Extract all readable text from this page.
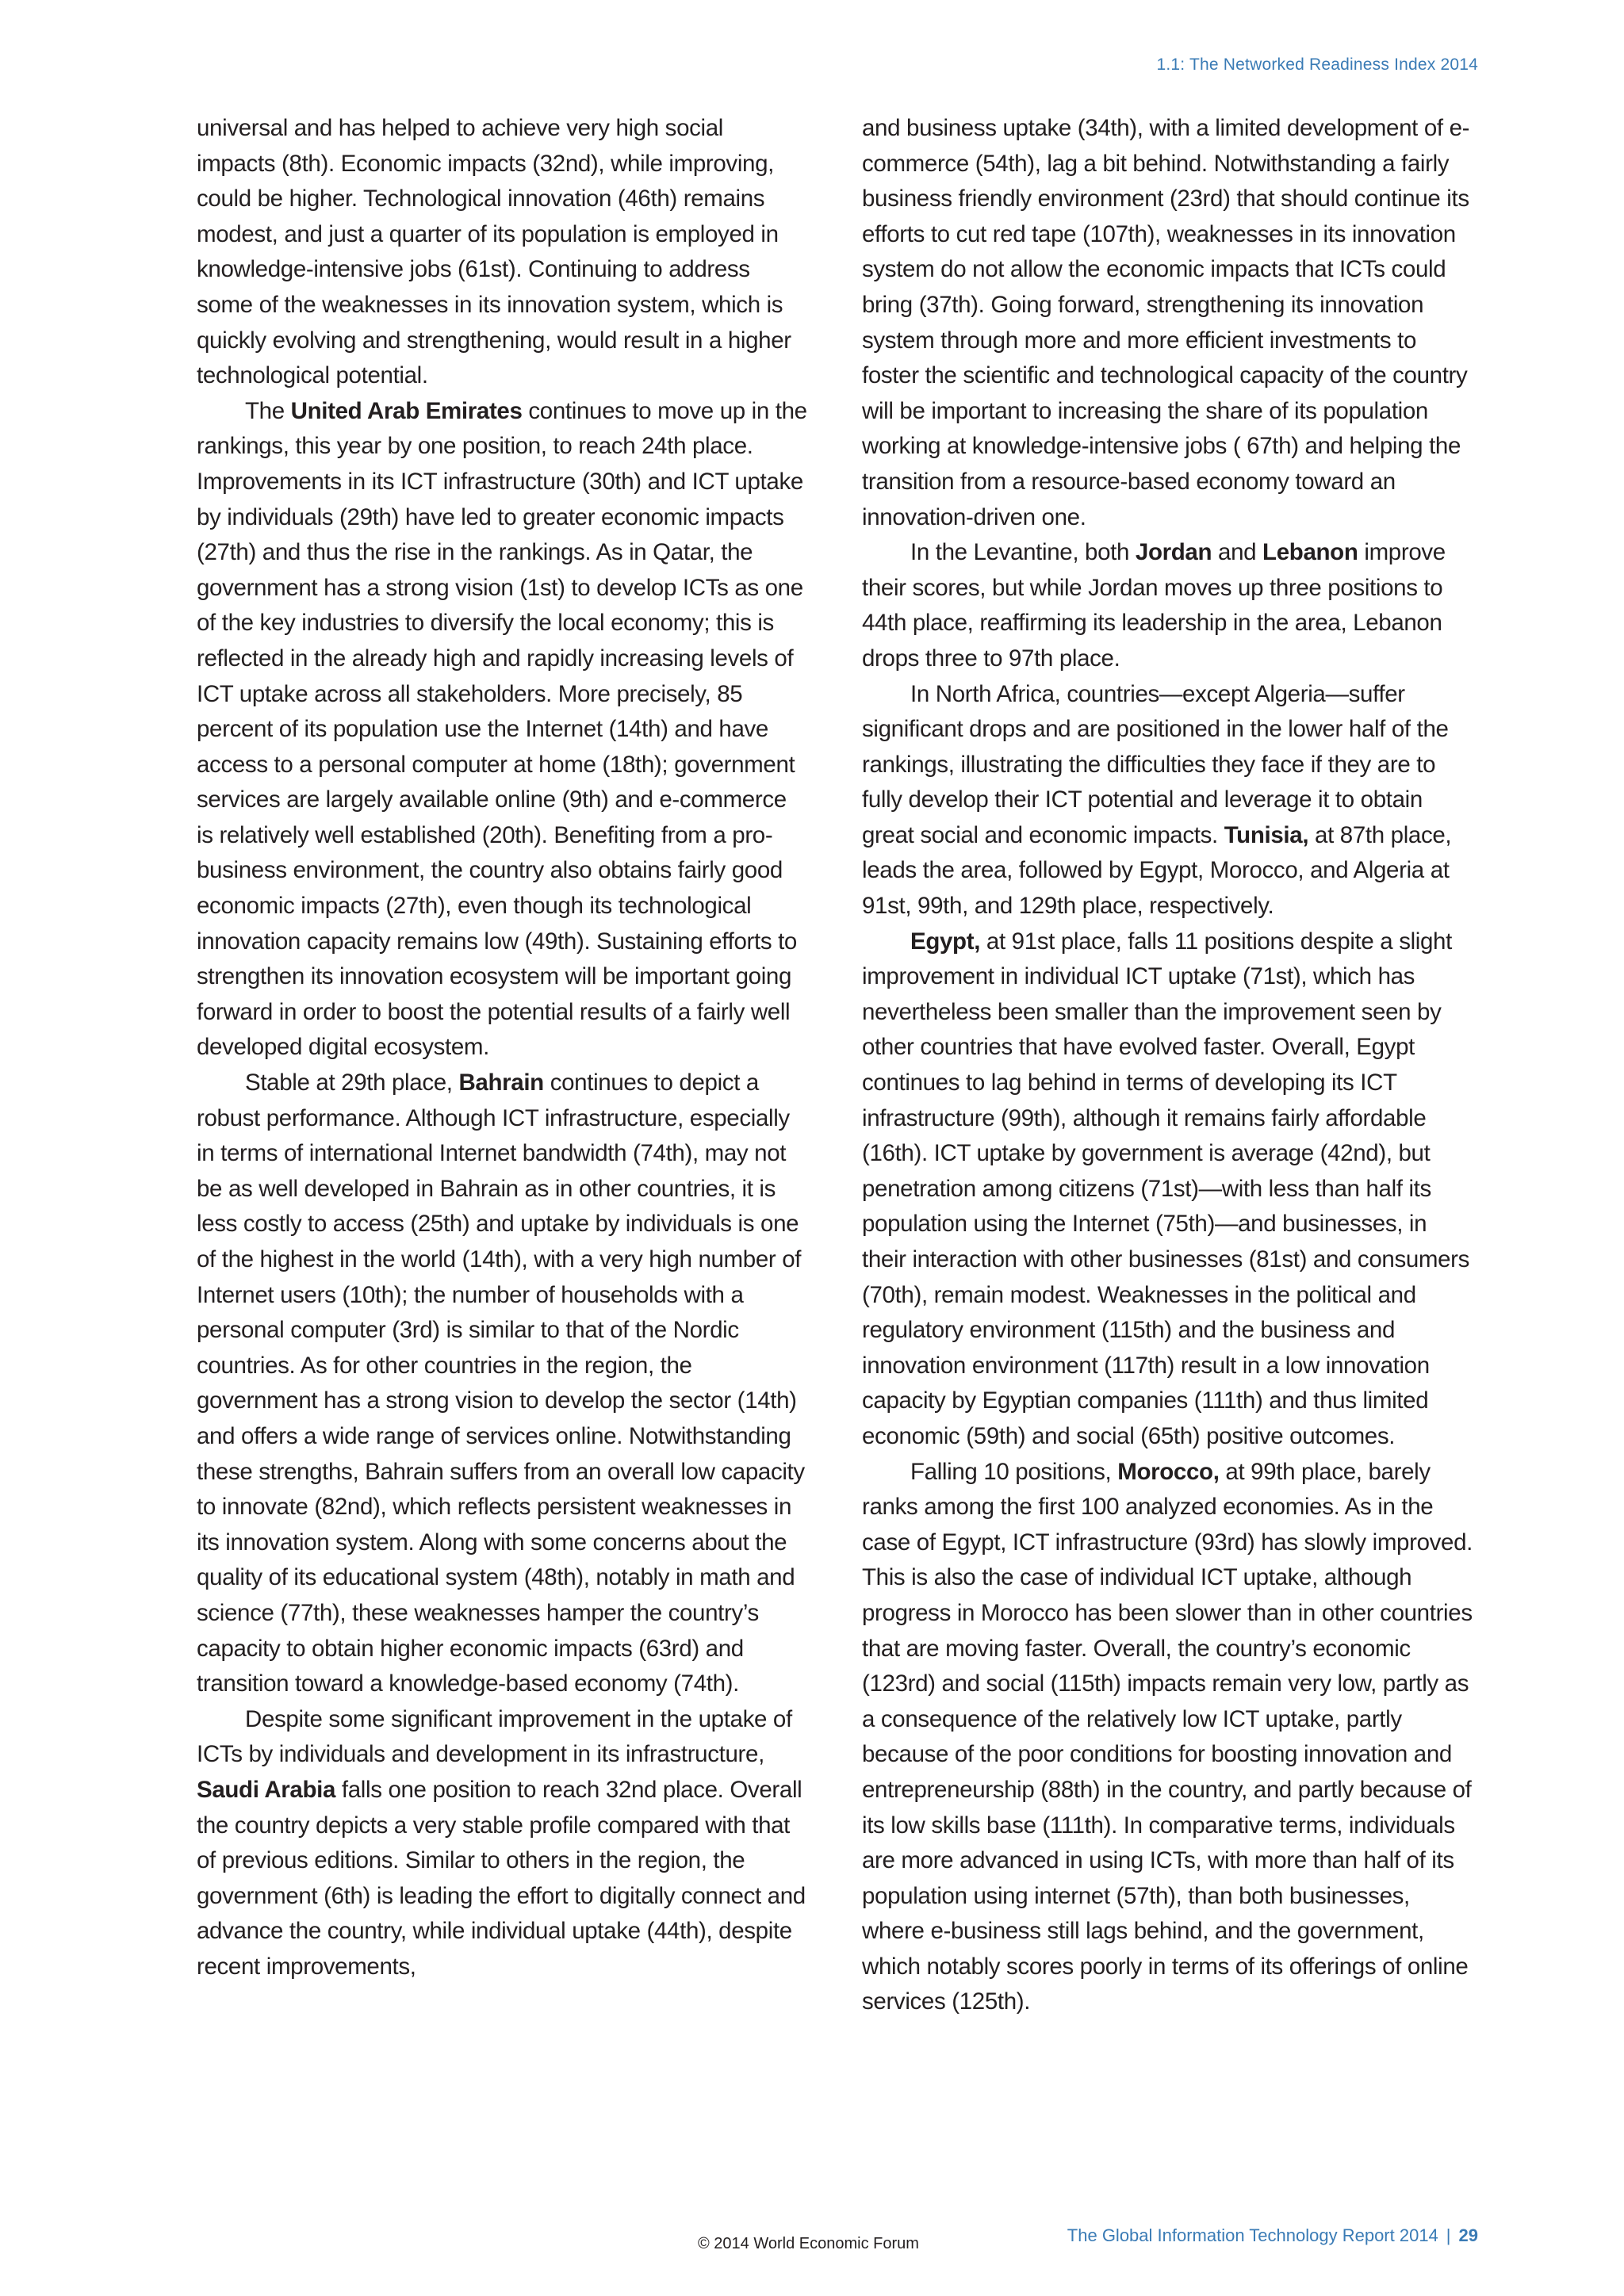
1.1: The Networked Readiness Index 2014

universal and has helped to achieve very high social impacts (8th). Economic impacts (32nd), while improving, could be higher. Technological innovation (46th) remains modest, and just a quarter of its population is employed in knowledge-intensive jobs (61st). Continuing to address some of the weaknesses in its innovation system, which is quickly evolving and strengthening, would result in a higher technological potential.

The United Arab Emirates continues to move up in the rankings, this year by one position, to reach 24th place. Improvements in its ICT infrastructure (30th) and ICT uptake by individuals (29th) have led to greater economic impacts (27th) and thus the rise in the rankings. As in Qatar, the government has a strong vision (1st) to develop ICTs as one of the key industries to diversify the local economy; this is reflected in the already high and rapidly increasing levels of ICT uptake across all stakeholders. More precisely, 85 percent of its population use the Internet (14th) and have access to a personal computer at home (18th); government services are largely available online (9th) and e-commerce is relatively well established (20th). Benefiting from a pro-business environment, the country also obtains fairly good economic impacts (27th), even though its technological innovation capacity remains low (49th). Sustaining efforts to strengthen its innovation ecosystem will be important going forward in order to boost the potential results of a fairly well developed digital ecosystem.

Stable at 29th place, Bahrain continues to depict a robust performance. Although ICT infrastructure, especially in terms of international Internet bandwidth (74th), may not be as well developed in Bahrain as in other countries, it is less costly to access (25th) and uptake by individuals is one of the highest in the world (14th), with a very high number of Internet users (10th); the number of households with a personal computer (3rd) is similar to that of the Nordic countries. As for other countries in the region, the government has a strong vision to develop the sector (14th) and offers a wide range of services online. Notwithstanding these strengths, Bahrain suffers from an overall low capacity to innovate (82nd), which reflects persistent weaknesses in its innovation system. Along with some concerns about the quality of its educational system (48th), notably in math and science (77th), these weaknesses hamper the country’s capacity to obtain higher economic impacts (63rd) and transition toward a knowledge-based economy (74th).

Despite some significant improvement in the uptake of ICTs by individuals and development in its infrastructure, Saudi Arabia falls one position to reach 32nd place. Overall the country depicts a very stable profile compared with that of previous editions. Similar to others in the region, the government (6th) is leading the effort to digitally connect and advance the country, while individual uptake (44th), despite recent improvements,

and business uptake (34th), with a limited development of e-commerce (54th), lag a bit behind. Notwithstanding a fairly business friendly environment (23rd) that should continue its efforts to cut red tape (107th), weaknesses in its innovation system do not allow the economic impacts that ICTs could bring (37th). Going forward, strengthening its innovation system through more and more efficient investments to foster the scientific and technological capacity of the country will be important to increasing the share of its population working at knowledge-intensive jobs ( 67th) and helping the transition from a resource-based economy toward an innovation-driven one.

In the Levantine, both Jordan and Lebanon improve their scores, but while Jordan moves up three positions to 44th place, reaffirming its leadership in the area, Lebanon drops three to 97th place.

In North Africa, countries—except Algeria—suffer significant drops and are positioned in the lower half of the rankings, illustrating the difficulties they face if they are to fully develop their ICT potential and leverage it to obtain great social and economic impacts. Tunisia, at 87th place, leads the area, followed by Egypt, Morocco, and Algeria at 91st, 99th, and 129th place, respectively.

Egypt, at 91st place, falls 11 positions despite a slight improvement in individual ICT uptake (71st), which has nevertheless been smaller than the improvement seen by other countries that have evolved faster. Overall, Egypt continues to lag behind in terms of developing its ICT infrastructure (99th), although it remains fairly affordable (16th). ICT uptake by government is average (42nd), but penetration among citizens (71st)—with less than half its population using the Internet (75th)—and businesses, in their interaction with other businesses (81st) and consumers (70th), remain modest. Weaknesses in the political and regulatory environment (115th) and the business and innovation environment (117th) result in a low innovation capacity by Egyptian companies (111th) and thus limited economic (59th) and social (65th) positive outcomes.

Falling 10 positions, Morocco, at 99th place, barely ranks among the first 100 analyzed economies. As in the case of Egypt, ICT infrastructure (93rd) has slowly improved. This is also the case of individual ICT uptake, although progress in Morocco has been slower than in other countries that are moving faster. Overall, the country’s economic (123rd) and social (115th) impacts remain very low, partly as a consequence of the relatively low ICT uptake, partly because of the poor conditions for boosting innovation and entrepreneurship (88th) in the country, and partly because of its low skills base (111th). In comparative terms, individuals are more advanced in using ICTs, with more than half of its population using internet (57th), than both businesses, where e-business still lags behind, and the government, which notably scores poorly in terms of its offerings of online services (125th).

© 2014 World Economic Forum	The Global Information Technology Report 2014 | 29
